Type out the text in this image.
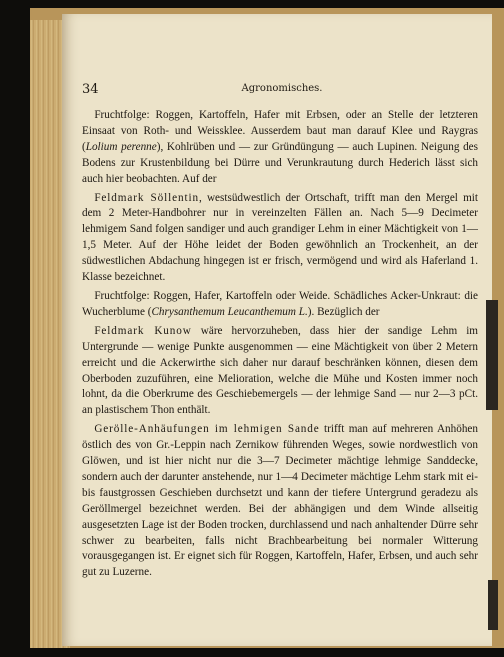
34	Agronomisches.

Fruchtfolge: Roggen, Kartoffeln, Hafer mit Erbsen, oder an Stelle der letzteren Einsaat von Roth- und Weissklee. Ausserdem baut man darauf Klee und Raygras (Lolium perenne), Kohlrüben und — zur Gründüngung — auch Lupinen. Neigung des Bodens zur Krustenbildung bei Dürre und Verunkrautung durch Hederich lässt sich auch hier beobachten. Auf der

Feldmark Söllentin, westsüdwestlich der Ortschaft, trifft man den Mergel mit dem 2 Meter-Handbohrer nur in vereinzelten Fällen an. Nach 5—9 Decimeter lehmigem Sand folgen sandiger und auch grandiger Lehm in einer Mächtigkeit von 1—1,5 Meter. Auf der Höhe leidet der Boden gewöhnlich an Trockenheit, an der südwestlichen Abdachung hingegen ist er frisch, vermögend und wird als Haferland 1. Klasse bezeichnet.

Fruchtfolge: Roggen, Hafer, Kartoffeln oder Weide. Schädliches Acker-Unkraut: die Wucherblume (Chrysanthemum Leucanthemum L.). Bezüglich der

Feldmark Kunow wäre hervorzuheben, dass hier der sandige Lehm im Untergrunde — wenige Punkte ausgenommen — eine Mächtigkeit von über 2 Metern erreicht und die Ackerwirthe sich daher nur darauf beschränken können, diesen dem Oberboden zuzuführen, eine Melioration, welche die Mühe und Kosten immer noch lohnt, da die Oberkrume des Geschiebemergels — der lehmige Sand — nur 2—3 pCt. an plastischem Thon enthält.

Gerölle-Anhäufungen im lehmigen Sande trifft man auf mehreren Anhöhen östlich des von Gr.-Leppin nach Zernikow führenden Weges, sowie nordwestlich von Glöwen, und ist hier nicht nur die 3—7 Decimeter mächtige lehmige Sanddecke, sondern auch der darunter anstehende, nur 1—4 Decimeter mächtige Lehm stark mit ei- bis faustgrossen Geschieben durchsetzt und kann der tiefere Untergrund geradezu als Geröllmergel bezeichnet werden. Bei der abhängigen und dem Winde allseitig ausgesetzten Lage ist der Boden trocken, durchlassend und nach anhaltender Dürre sehr schwer zu bearbeiten, falls nicht Brachbearbeitung bei normaler Witterung vorausgegangen ist. Er eignet sich für Roggen, Kartoffeln, Hafer, Erbsen, und auch sehr gut zu Luzerne.
